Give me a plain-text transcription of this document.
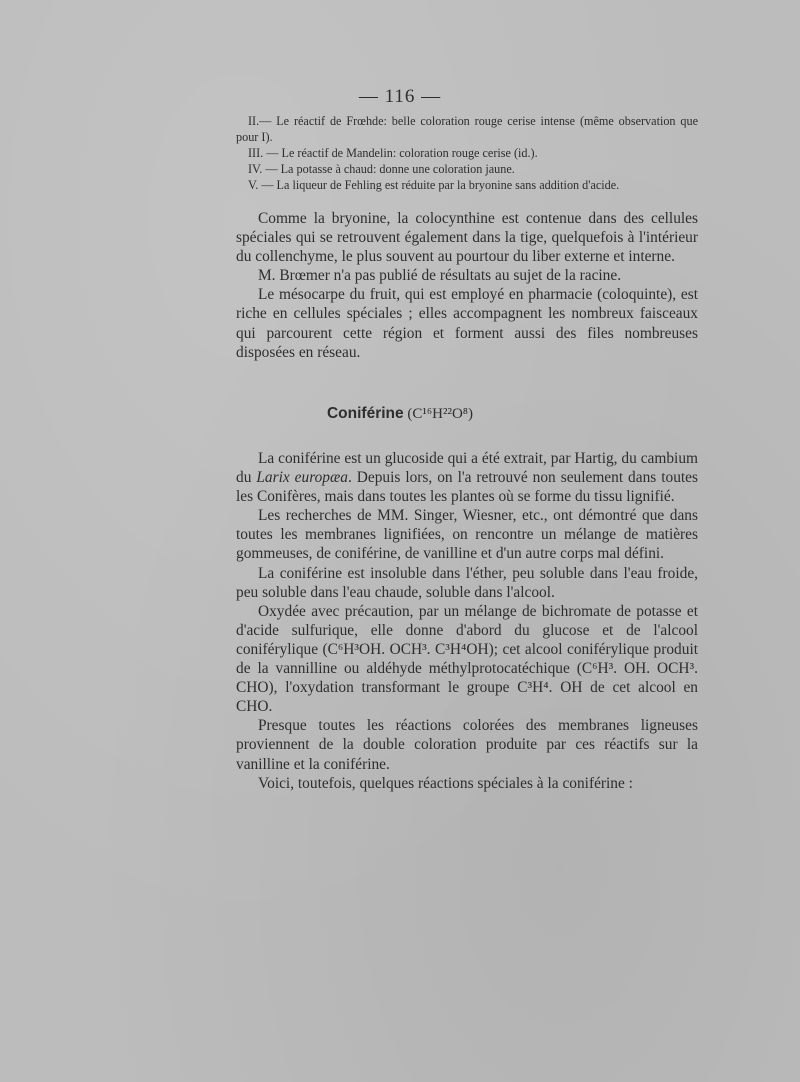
— 116 —

II.— Le réactif de Frœhde: belle coloration rouge cerise intense (même observation que pour I).

III. — Le réactif de Mandelin: coloration rouge cerise (id.).

IV. — La potasse à chaud: donne une coloration jaune.

V. — La liqueur de Fehling est réduite par la bryonine sans addition d'acide.

Comme la bryonine, la colocynthine est contenue dans des cellules spéciales qui se retrouvent également dans la tige, quelquefois à l'intérieur du collenchyme, le plus souvent au pourtour du liber externe et interne.

M. Brœmer n'a pas publié de résultats au sujet de la racine.

Le mésocarpe du fruit, qui est employé en pharmacie (coloquinte), est riche en cellules spéciales ; elles accompagnent les nombreux faisceaux qui parcourent cette région et forment aussi des files nombreuses disposées en réseau.

Coniférine (C¹⁶H²²O⁸)

La coniférine est un glucoside qui a été extrait, par Hartig, du cambium du Larix europæa. Depuis lors, on l'a retrouvé non seulement dans toutes les Conifères, mais dans toutes les plantes où se forme du tissu lignifié.

Les recherches de MM. Singer, Wiesner, etc., ont démontré que dans toutes les membranes lignifiées, on rencontre un mélange de matières gommeuses, de coniférine, de vanilline et d'un autre corps mal défini.

La coniférine est insoluble dans l'éther, peu soluble dans l'eau froide, peu soluble dans l'eau chaude, soluble dans l'alcool.

Oxydée avec précaution, par un mélange de bichromate de potasse et d'acide sulfurique, elle donne d'abord du glucose et de l'alcool coniférylique (C⁶H³OH. OCH³. C³H⁴OH); cet alcool coniférylique produit de la vannilline ou aldéhyde méthylprotocatéchique (C⁶H³. OH. OCH³. CHO), l'oxydation transformant le groupe C³H⁴. OH de cet alcool en CHO.

Presque toutes les réactions colorées des membranes ligneuses proviennent de la double coloration produite par ces réactifs sur la vanilline et la coniférine.

Voici, toutefois, quelques réactions spéciales à la coniférine :
